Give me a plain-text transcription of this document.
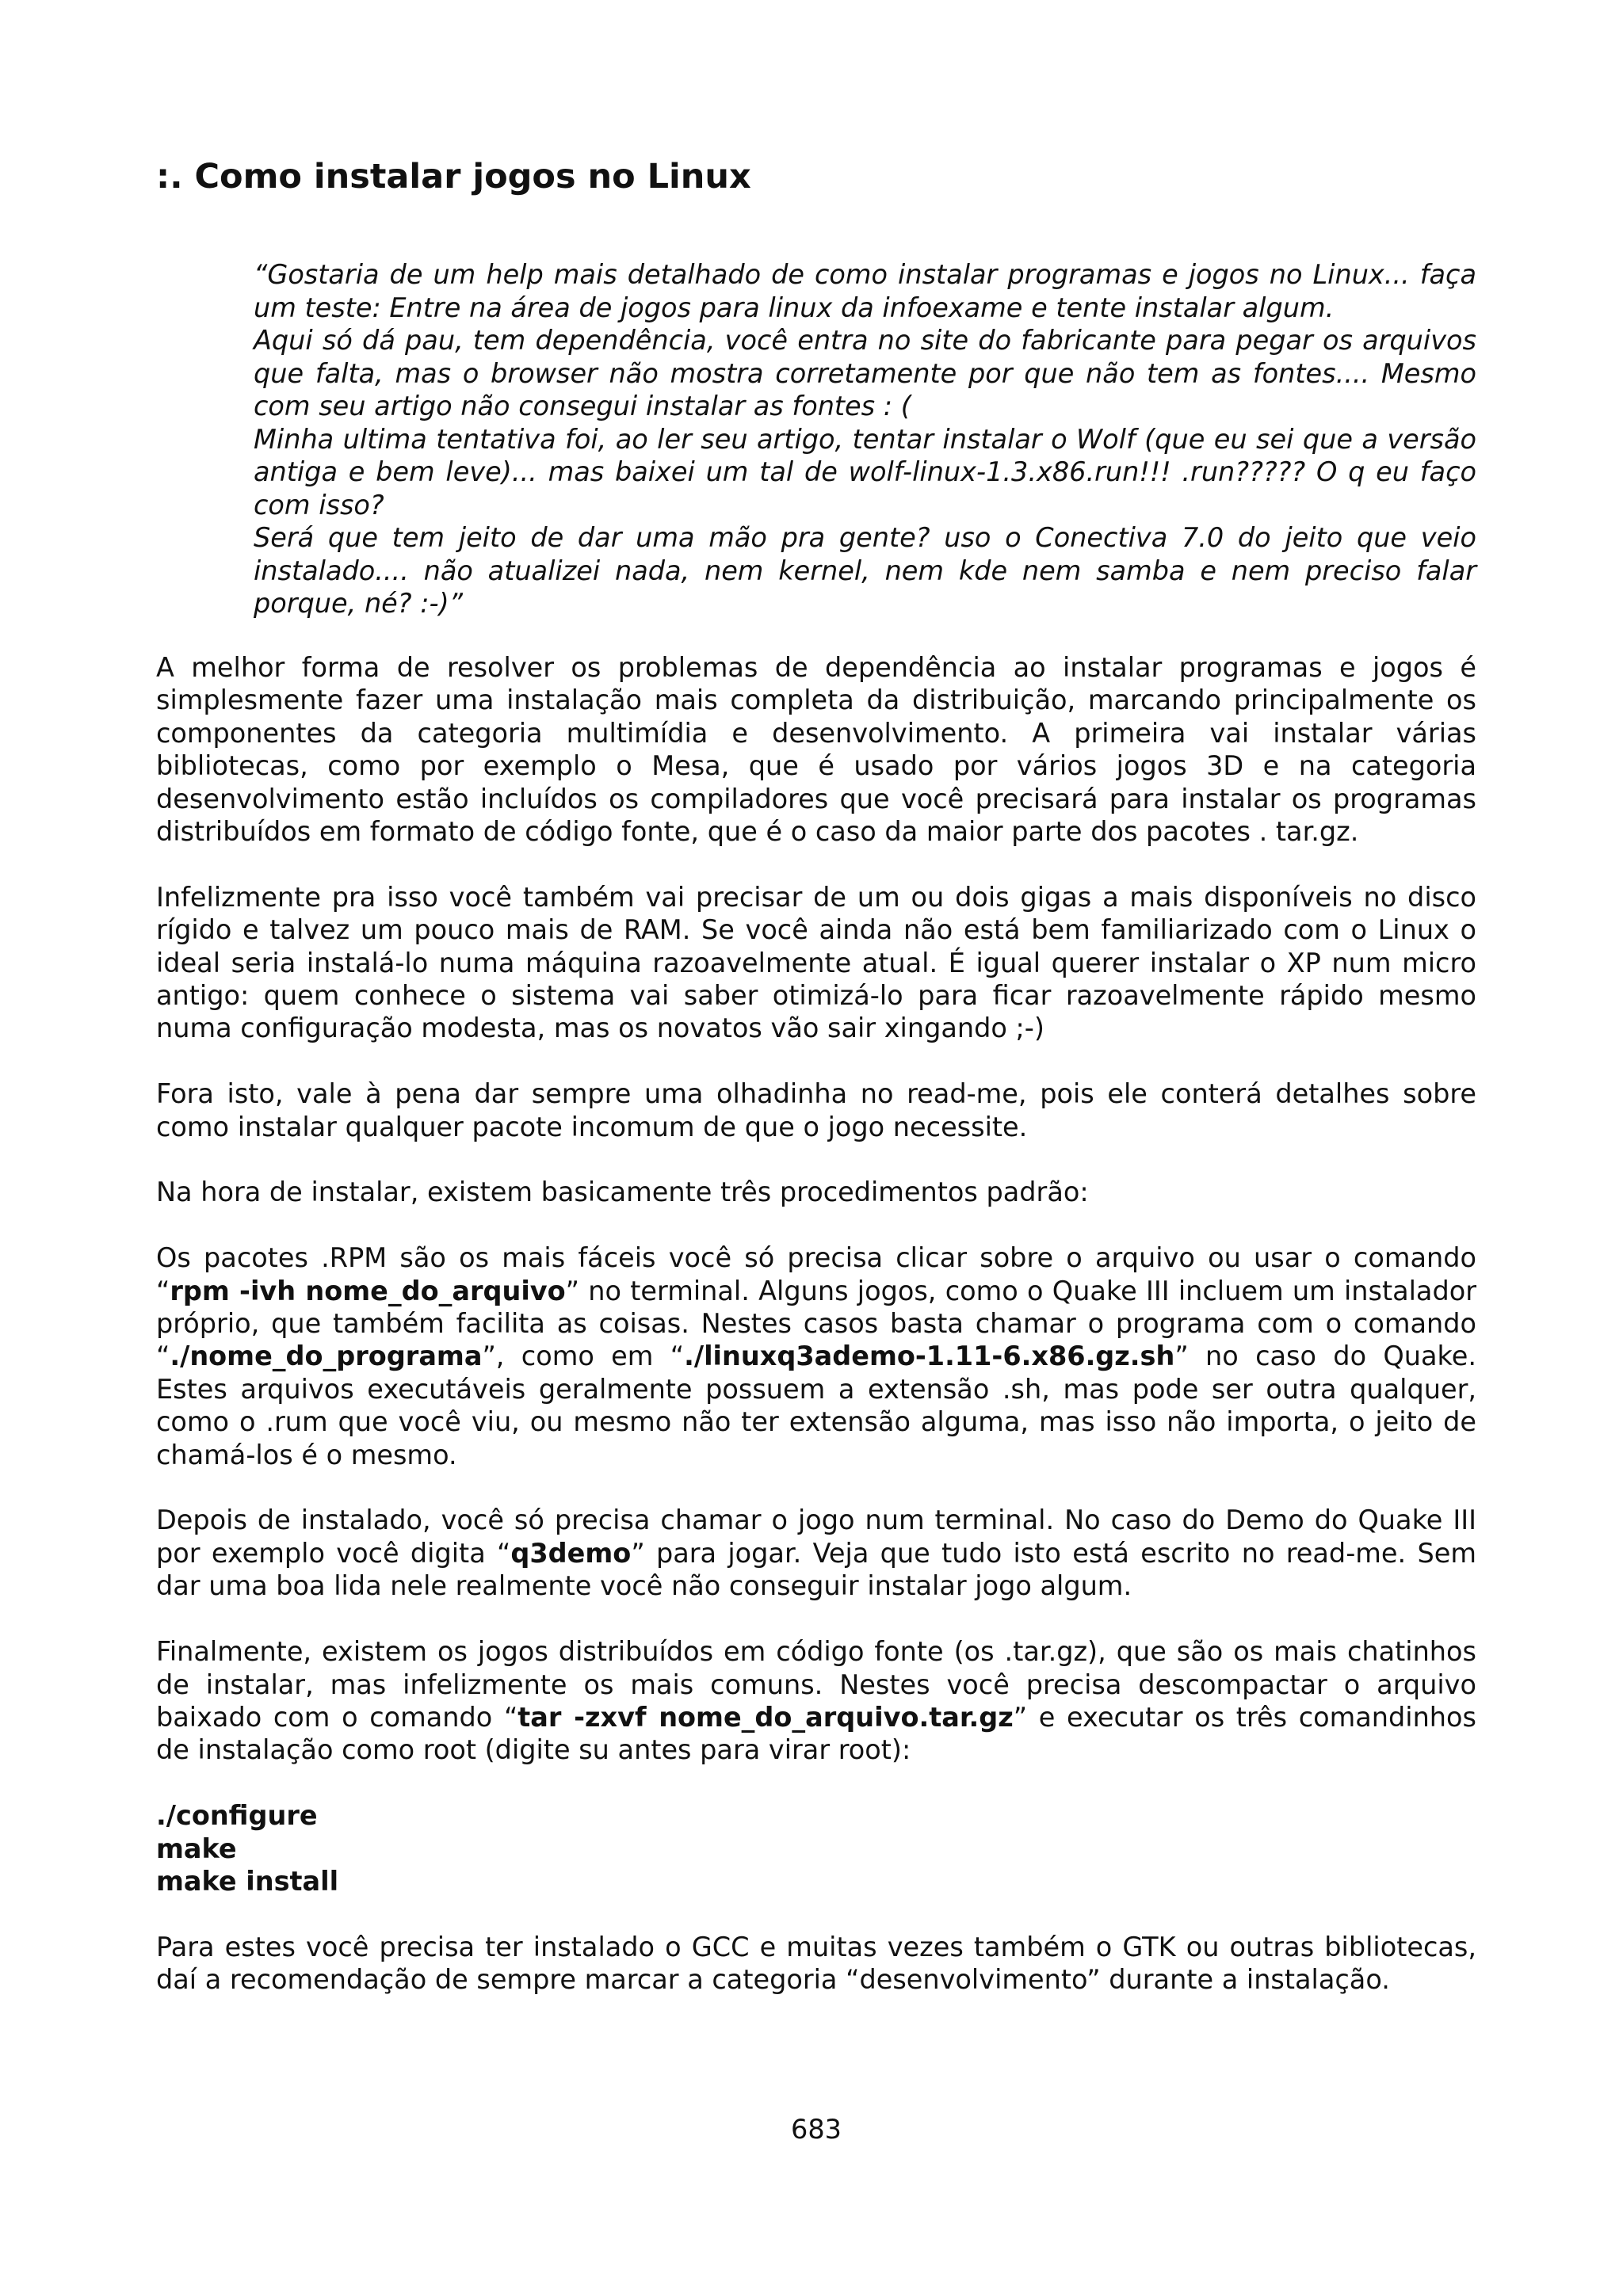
:. Como instalar jogos no Linux

“Gostaria de um help mais detalhado de como instalar programas e jogos no Linux... faça um teste: Entre na área de jogos para linux da infoexame e tente instalar algum.

Aqui só dá pau, tem dependência, você entra no site do fabricante para pegar os arquivos que falta, mas o browser não mostra corretamente por que não tem as fontes.... Mesmo com seu artigo não consegui instalar as fontes : (

Minha ultima tentativa foi, ao ler seu artigo, tentar instalar o Wolf (que eu sei que a versão antiga e bem leve)... mas baixei um tal de wolf-linux-1.3.x86.run!!! .run????? O q eu faço com isso?

Será que tem jeito de dar uma mão pra gente? uso o Conectiva 7.0 do jeito que veio instalado.... não atualizei nada, nem kernel, nem kde nem samba e nem preciso falar porque, né? :-)”

A melhor forma de resolver os problemas de dependência ao instalar programas e jogos é simplesmente fazer uma instalação mais completa da distribuição, marcando principalmente os componentes da categoria multimídia e desenvolvimento. A primeira vai instalar várias bibliotecas, como por exemplo o Mesa, que é usado por vários jogos 3D e na categoria desenvolvimento estão incluídos os compiladores que você precisará para instalar os programas distribuídos em formato de código fonte, que é o caso da maior parte dos pacotes . tar.gz.

Infelizmente pra isso você também vai precisar de um ou dois gigas a mais disponíveis no disco rígido e talvez um pouco mais de RAM. Se você ainda não está bem familiarizado com o Linux o ideal seria instalá-lo numa máquina razoavelmente atual. É igual querer instalar o XP num micro antigo: quem conhece o sistema vai saber otimizá-lo para ficar razoavelmente rápido mesmo numa configuração modesta, mas os novatos vão sair xingando ;-)

Fora isto, vale à pena dar sempre uma olhadinha no read-me, pois ele conterá detalhes sobre como instalar qualquer pacote incomum de que o jogo necessite.

Na hora de instalar, existem basicamente três procedimentos padrão:

Os pacotes .RPM são os mais fáceis você só precisa clicar sobre o arquivo ou usar o comando “rpm -ivh nome_do_arquivo” no terminal. Alguns jogos, como o Quake III incluem um instalador próprio, que também facilita as coisas. Nestes casos basta chamar o programa com o comando “./nome_do_programa”, como em “./linuxq3ademo-1.11-6.x86.gz.sh” no caso do Quake. Estes arquivos executáveis geralmente possuem a extensão .sh, mas pode ser outra qualquer, como o .rum que você viu, ou mesmo não ter extensão alguma, mas isso não importa, o jeito de chamá-los é o mesmo.

Depois de instalado, você só precisa chamar o jogo num terminal. No caso do Demo do Quake III por exemplo você digita “q3demo” para jogar. Veja que tudo isto está escrito no read-me. Sem dar uma boa lida nele realmente você não conseguir instalar jogo algum.

Finalmente, existem os jogos distribuídos em código fonte (os .tar.gz), que são os mais chatinhos de instalar, mas infelizmente os mais comuns. Nestes você precisa descompactar o arquivo baixado com o comando “tar -zxvf nome_do_arquivo.tar.gz” e executar os três comandinhos de instalação como root (digite su antes para virar root):

./configure
make
make install

Para estes você precisa ter instalado o GCC e muitas vezes também o GTK ou outras bibliotecas, daí a recomendação de sempre marcar a categoria “desenvolvimento” durante a instalação.

683
